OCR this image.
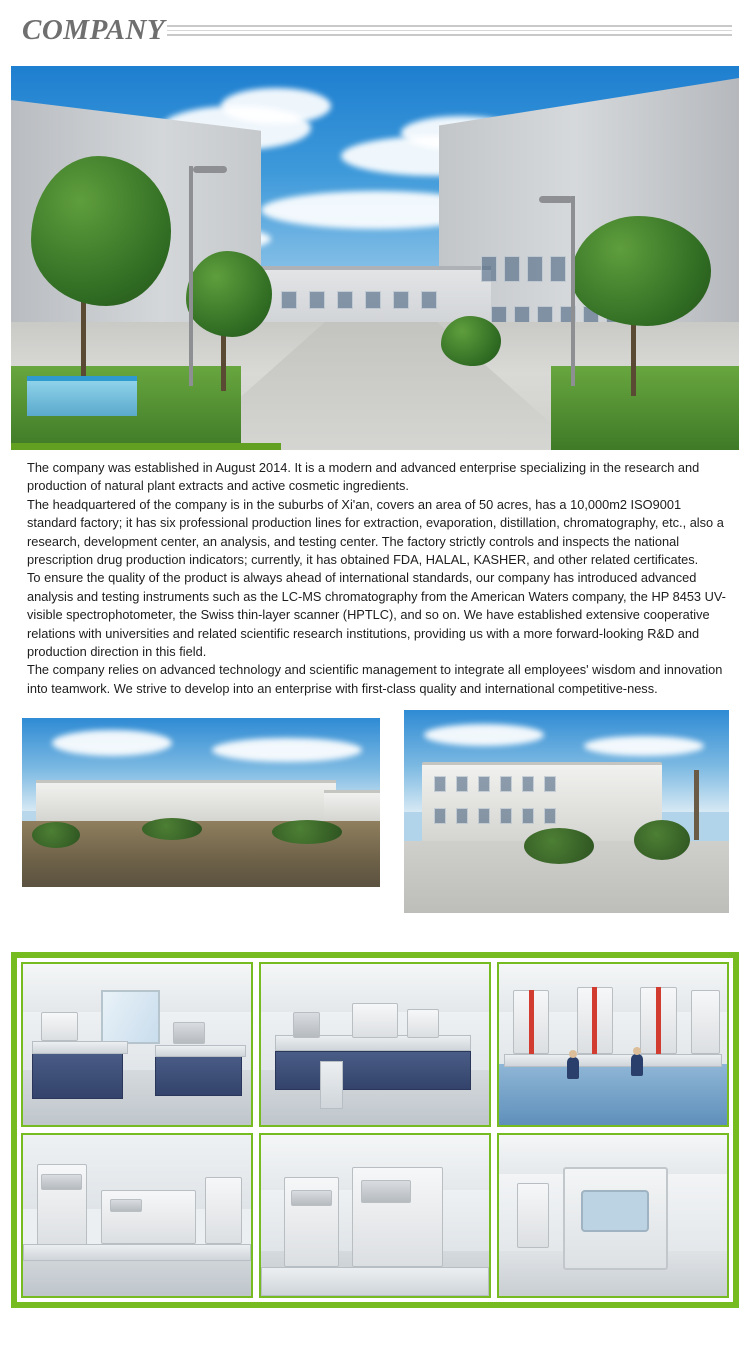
COMPANY

The company was established in August 2014. It is a modern and advanced enterprise specializing in the research and production of natural plant extracts and active cosmetic ingredients.

The headquartered of the company is in the suburbs of Xi'an, covers an area of 50 acres, has a 10,000m2 ISO9001 standard factory; it has six professional production lines for extraction, evaporation, distillation, chromatography, etc., also a research, development center, an analysis, and testing center. The factory strictly controls and inspects the national prescription drug production indicators; currently, it has obtained FDA, HALAL, KASHER, and other related certificates.

To ensure the quality of the product is always ahead of international standards, our company has introduced advanced analysis and testing instruments such as the LC-MS chromatography from the American Waters company, the HP 8453 UV-visible spectrophotometer, the Swiss thin-layer scanner (HPTLC), and so on. We have established extensive cooperative relations with universities and related scientific research institutions, providing us with a more forward-looking R&D and production direction in this field.

The company relies on advanced technology and scientific management to integrate all employees' wisdom and innovation into teamwork. We strive to develop into an enterprise with first-class quality and international competitive-ness.
